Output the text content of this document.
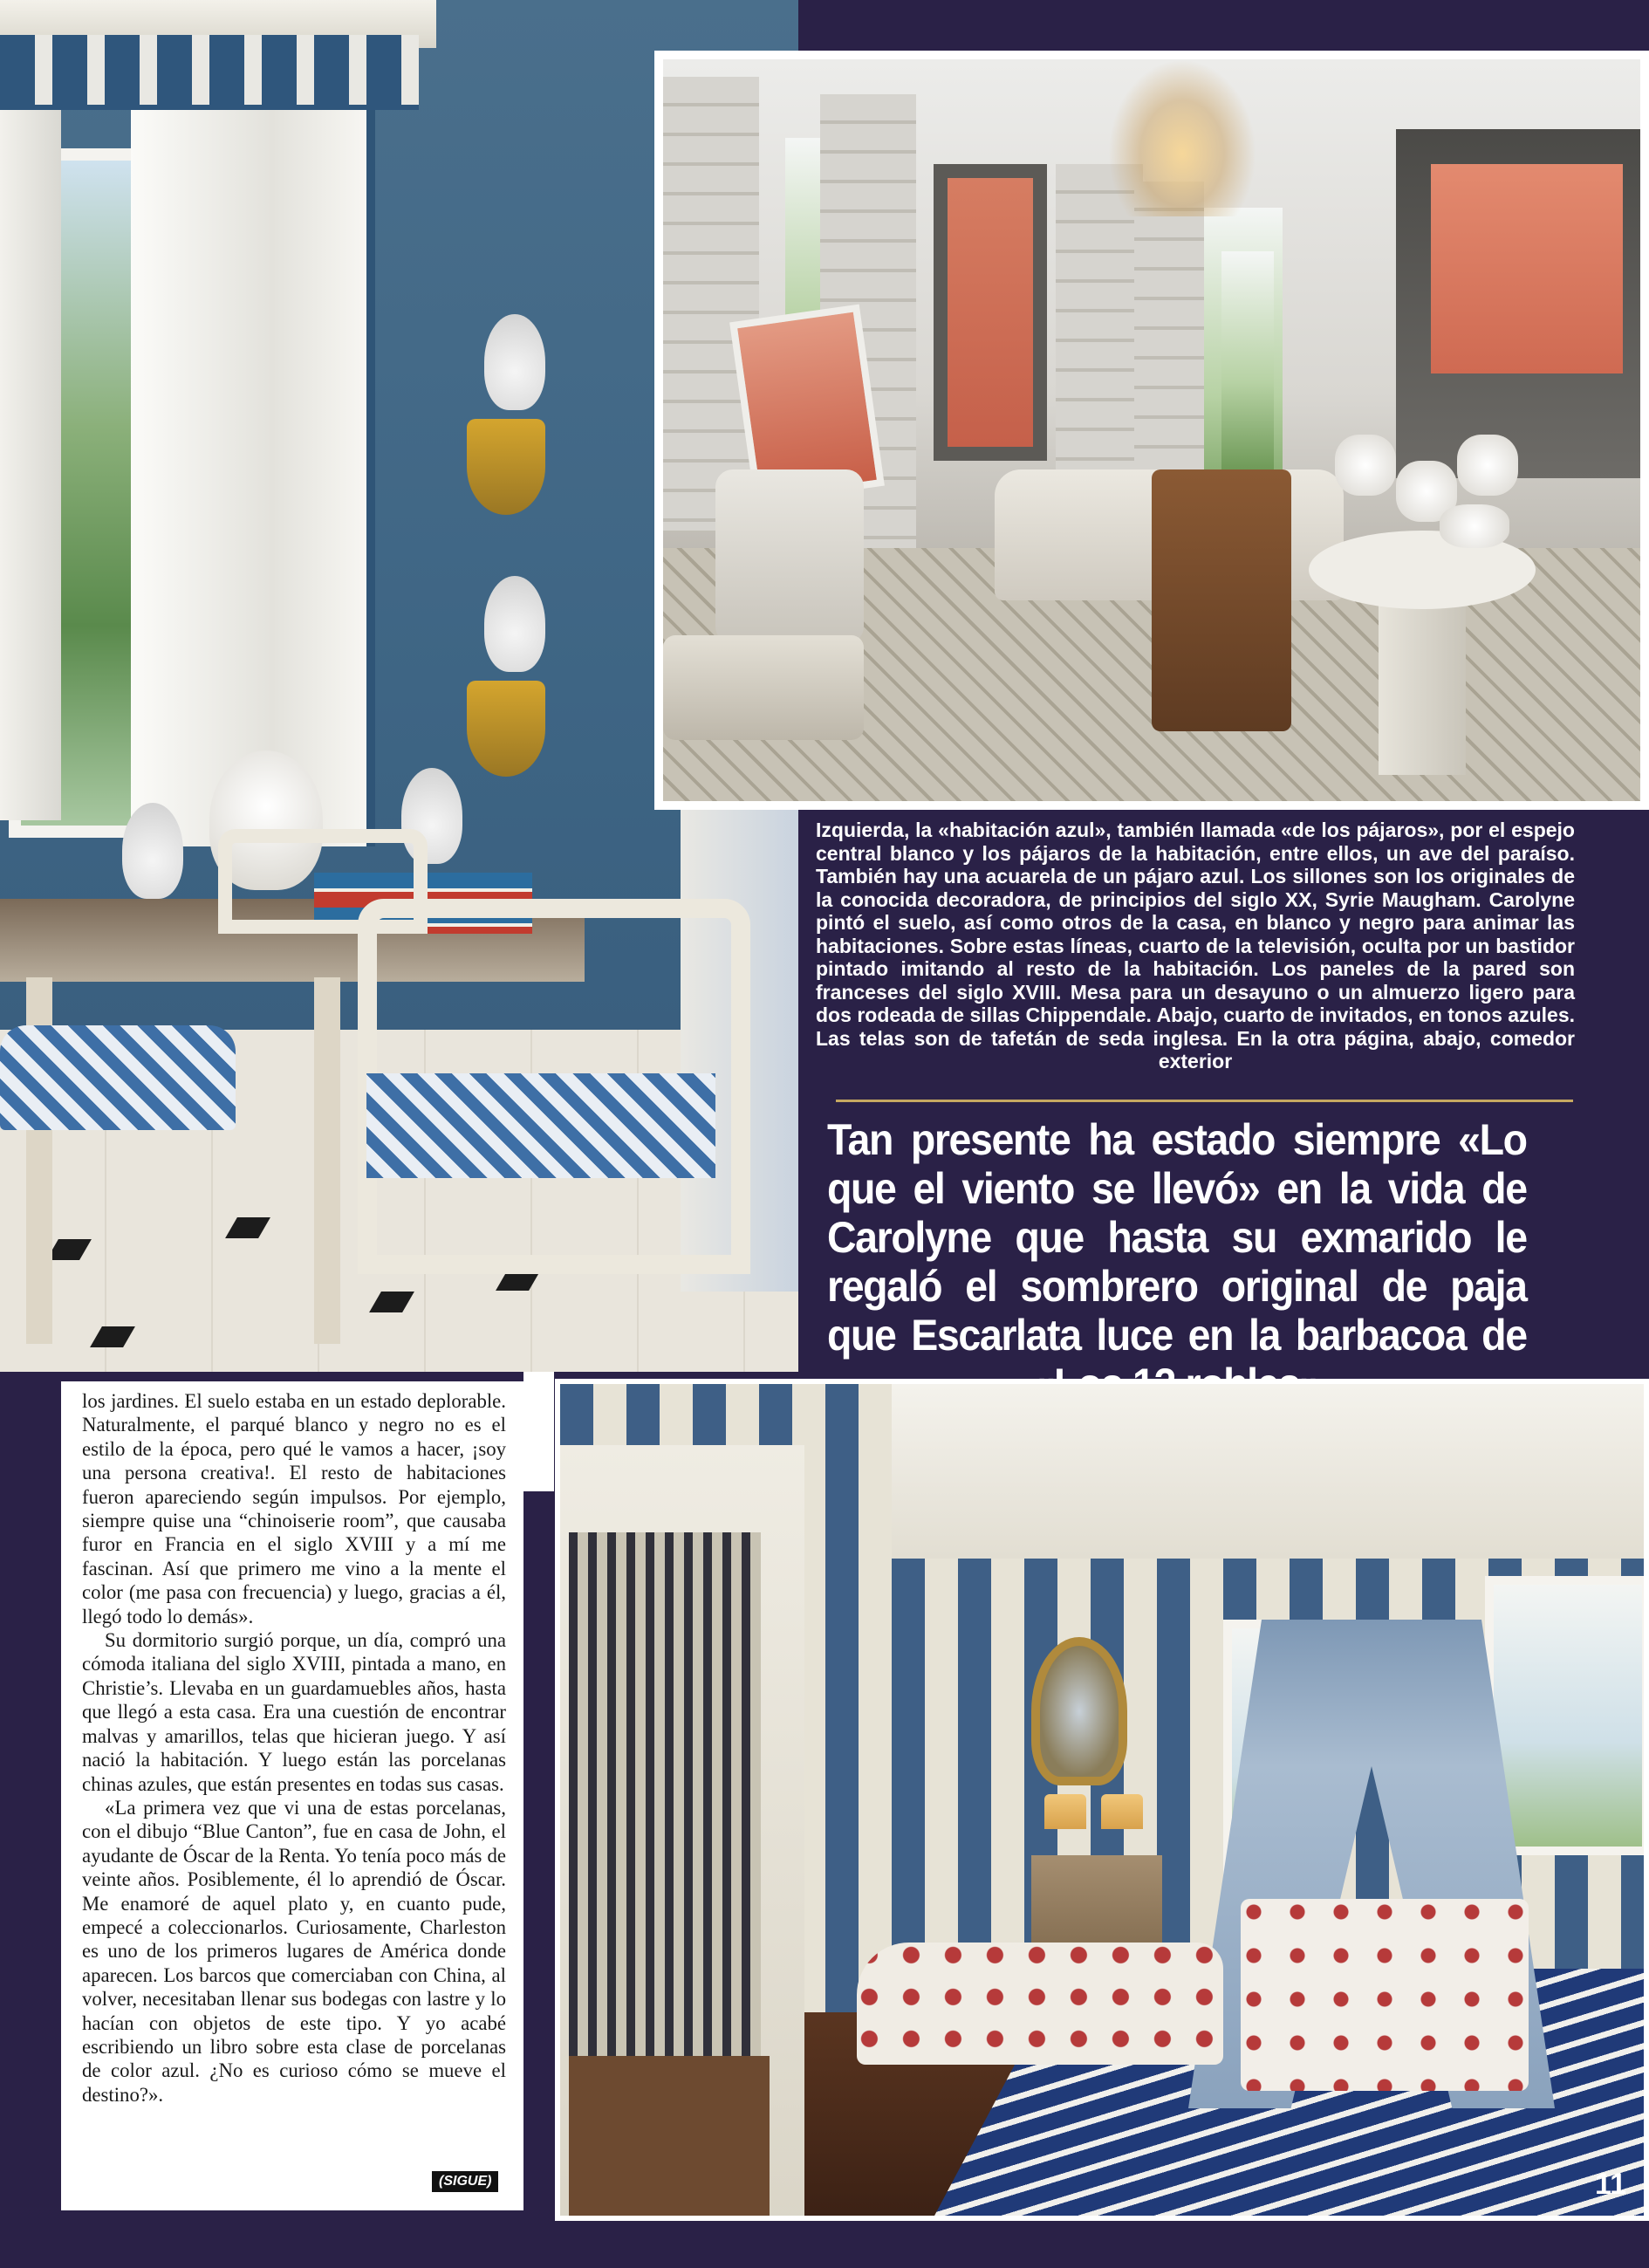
Izquierda, la «habitación azul», también llamada «de los pájaros», por el espejo central blanco y los pájaros de la habitación, entre ellos, un ave del paraíso. También hay una acuarela de un pájaro azul. Los sillones son los originales de la conocida decoradora, de principios del siglo XX, Syrie Maugham. Carolyne pintó el suelo, así como otros de la casa, en blanco y negro para animar las habitaciones. Sobre estas líneas, cuarto de la televisión, oculta por un bastidor pintado imitando al resto de la habitación. Los paneles de la pared son franceses del siglo XVIII. Mesa para un desayuno o un almuerzo ligero para dos rodeada de sillas Chippendale. Abajo, cuarto de invitados, en tonos azules. Las telas son de tafetán de seda inglesa. En la otra página, abajo, comedor exterior

Tan presente ha estado siempre «Lo que el viento se llevó» en la vida de Carolyne que hasta su exmarido le regaló el sombrero original de paja que Escarlata luce en la barbacoa de

los jardines. El suelo estaba en un estado deplorable. Naturalmente, el parqué blanco y negro no es el estilo de la época, pero qué le vamos a hacer, ¡soy una persona creativa!. El resto de habitaciones fueron apareciendo según impulsos. Por ejemplo, siempre quise una “chinoiserie room”, que causaba furor en Francia en el siglo XVIII y a mí me fascinan. Así que primero me vino a la mente el color (me pasa con frecuencia) y luego, gracias a él, llegó todo lo demás».

Su dormitorio surgió porque, un día, compró una cómoda italiana del siglo XVIII, pintada a mano, en Christie’s. Llevaba en un guardamuebles años, hasta que llegó a esta casa. Era una cuestión de encontrar malvas y amarillos, telas que hicieran juego. Y así nació la habitación. Y luego están las porcelanas chinas azules, que están presentes en todas sus casas.

«La primera vez que vi una de estas porcelanas, con el dibujo “Blue Canton”, fue en casa de John, el ayudante de Óscar de la Renta. Yo tenía poco más de veinte años. Posiblemente, él lo aprendió de Óscar. Me enamoré de aquel plato y, en cuanto pude, empecé a coleccionarlos. Curiosamente, Charleston es uno de los primeros lugares de América donde aparecen. Los barcos que comerciaban con China, al volver, necesitaban llenar sus bodegas con lastre y lo hacían con objetos de este tipo. Y yo acabé escribiendo un libro sobre esta clase de porcelanas de color azul. ¿No es curioso cómo se mueve el destino?».

(SIGUE)	11
